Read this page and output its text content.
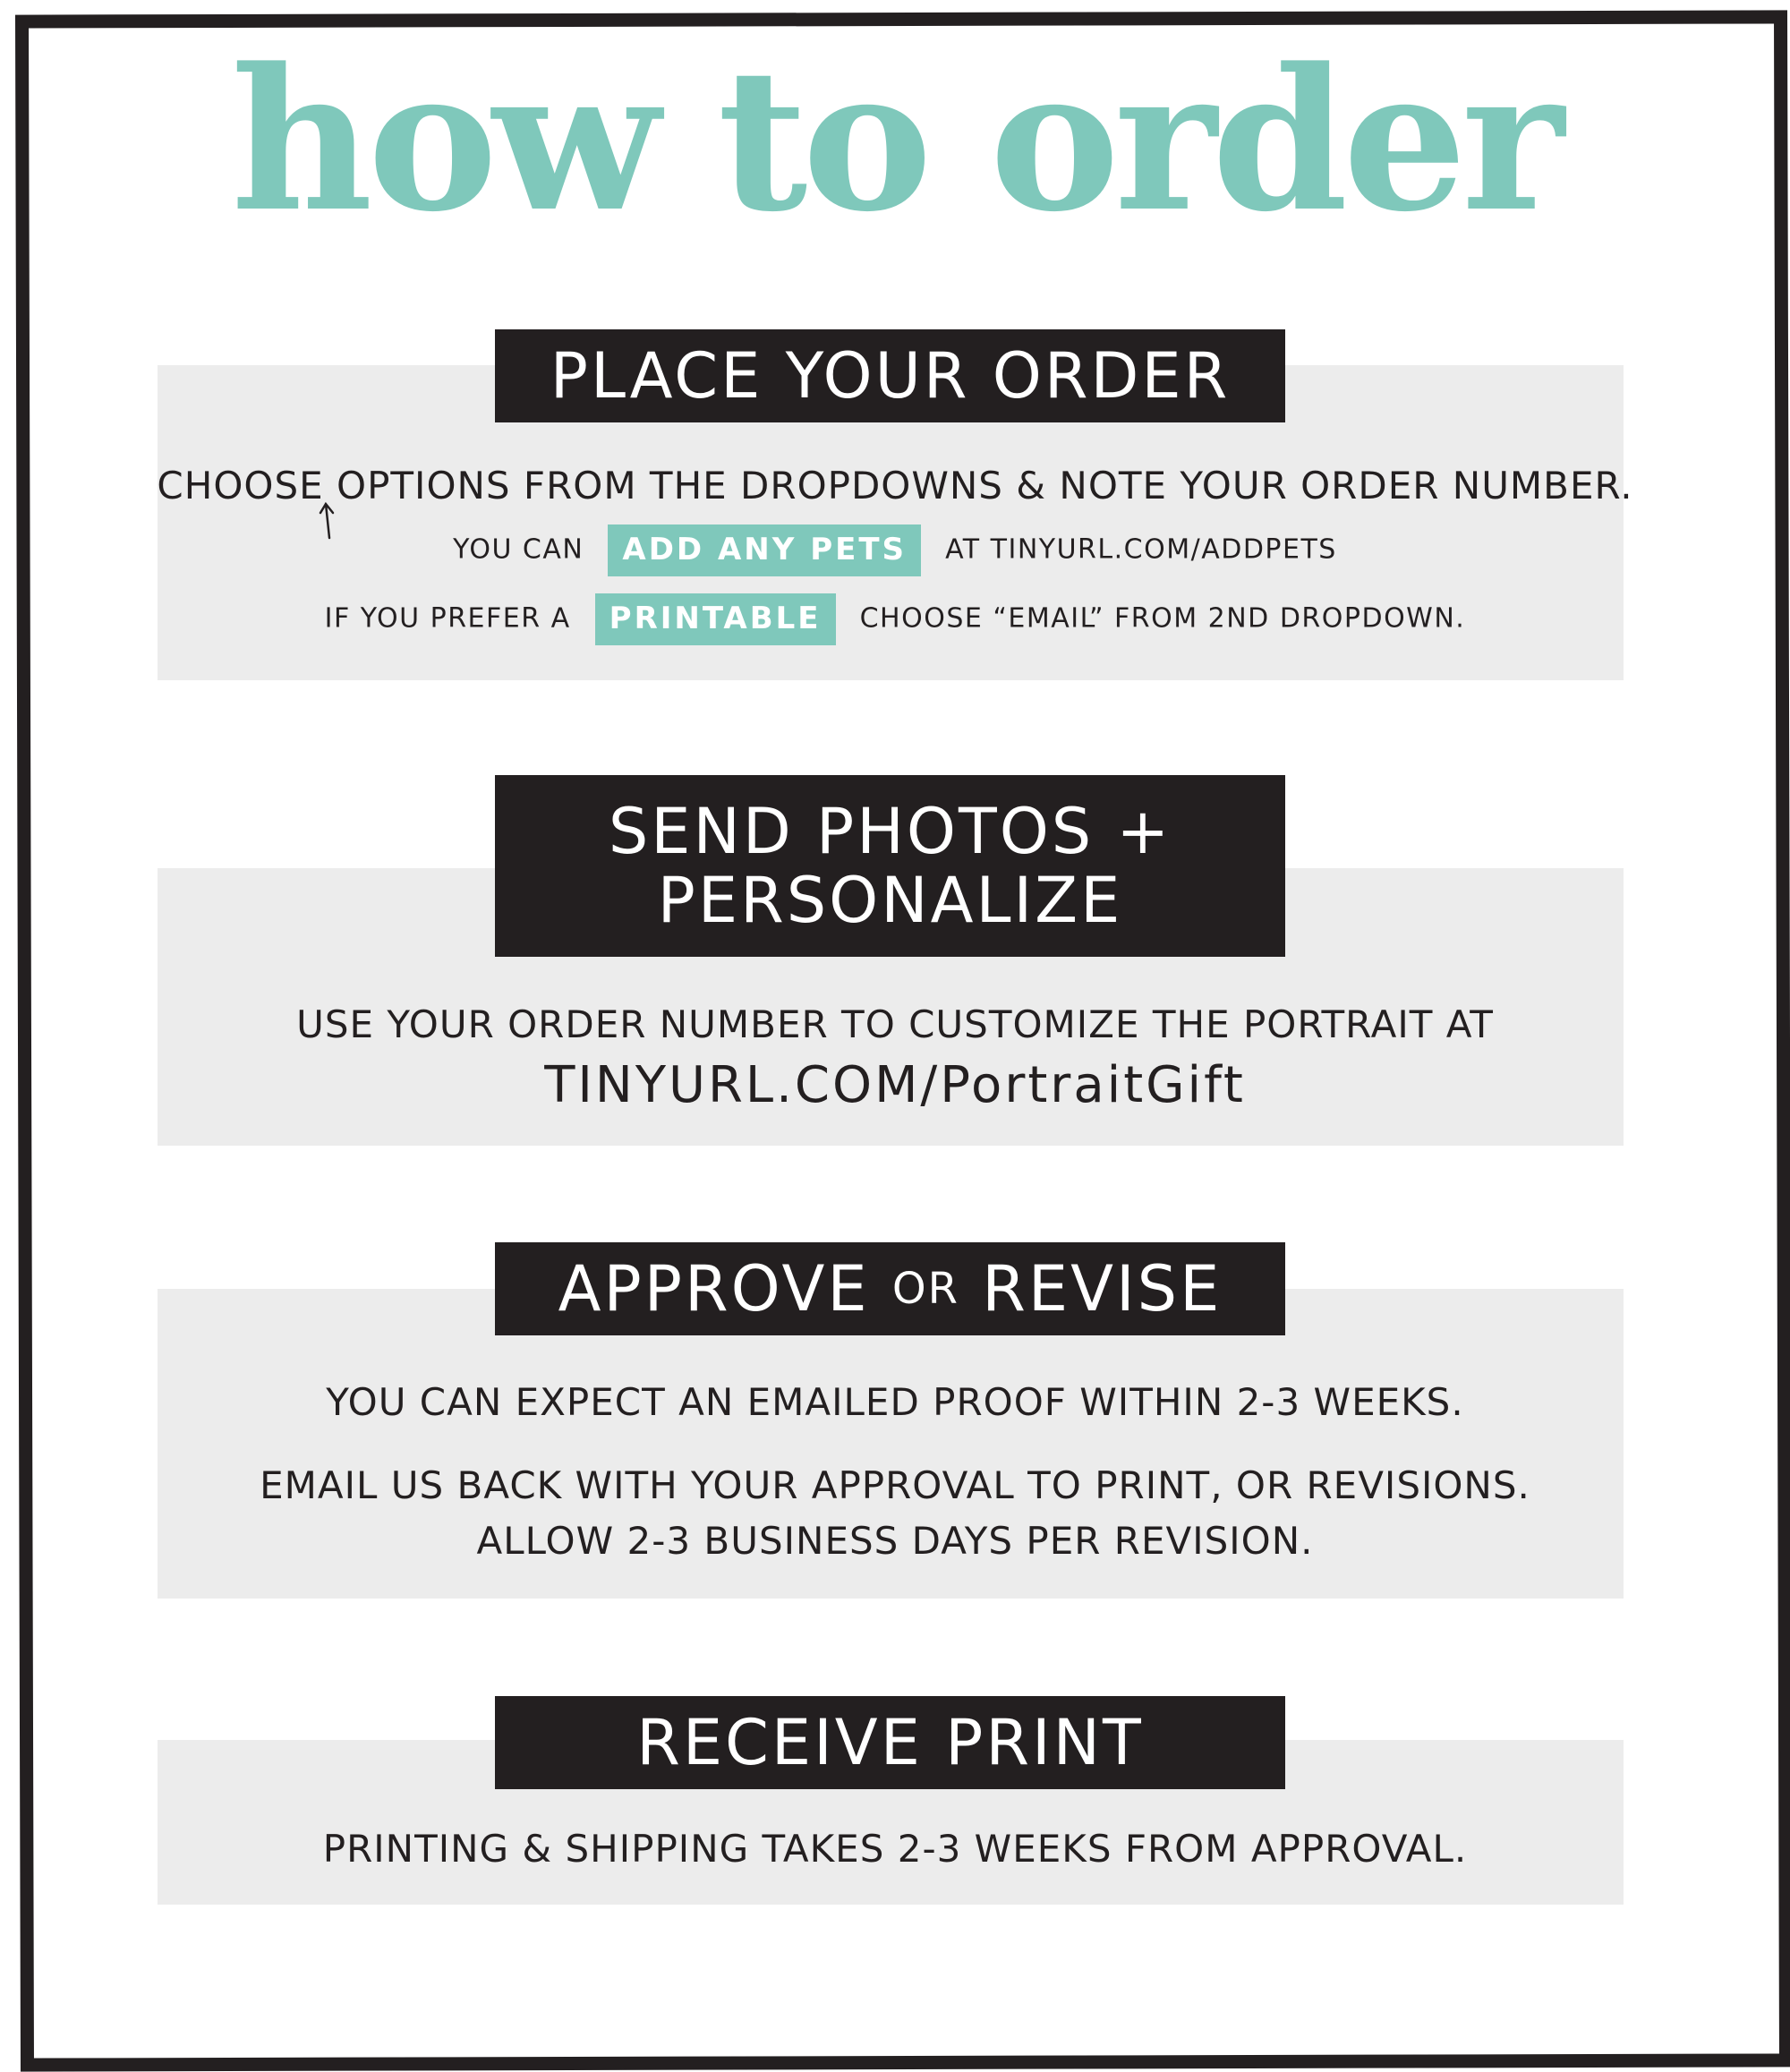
how to order
PLACE YOUR ORDER
CHOOSE OPTIONS FROM THE DROPDOWNS & NOTE YOUR ORDER NUMBER.
YOU CAN ADD ANY PETS AT TINYURL.COM/ADDPETS
IF YOU PREFER A PRINTABLE CHOOSE “EMAIL” FROM 2ND DROPDOWN.
SEND PHOTOS +
PERSONALIZE
USE YOUR ORDER NUMBER TO CUSTOMIZE THE PORTRAIT AT
TINYURL.COM/PortraitGift
APPROVE
OR
REVISE
YOU CAN EXPECT AN EMAILED PROOF WITHIN 2-3 WEEKS.
EMAIL US BACK WITH YOUR APPROVAL TO PRINT, OR REVISIONS.
ALLOW 2-3 BUSINESS DAYS PER REVISION.
RECEIVE PRINT
PRINTING & SHIPPING TAKES 2-3 WEEKS FROM APPROVAL.
